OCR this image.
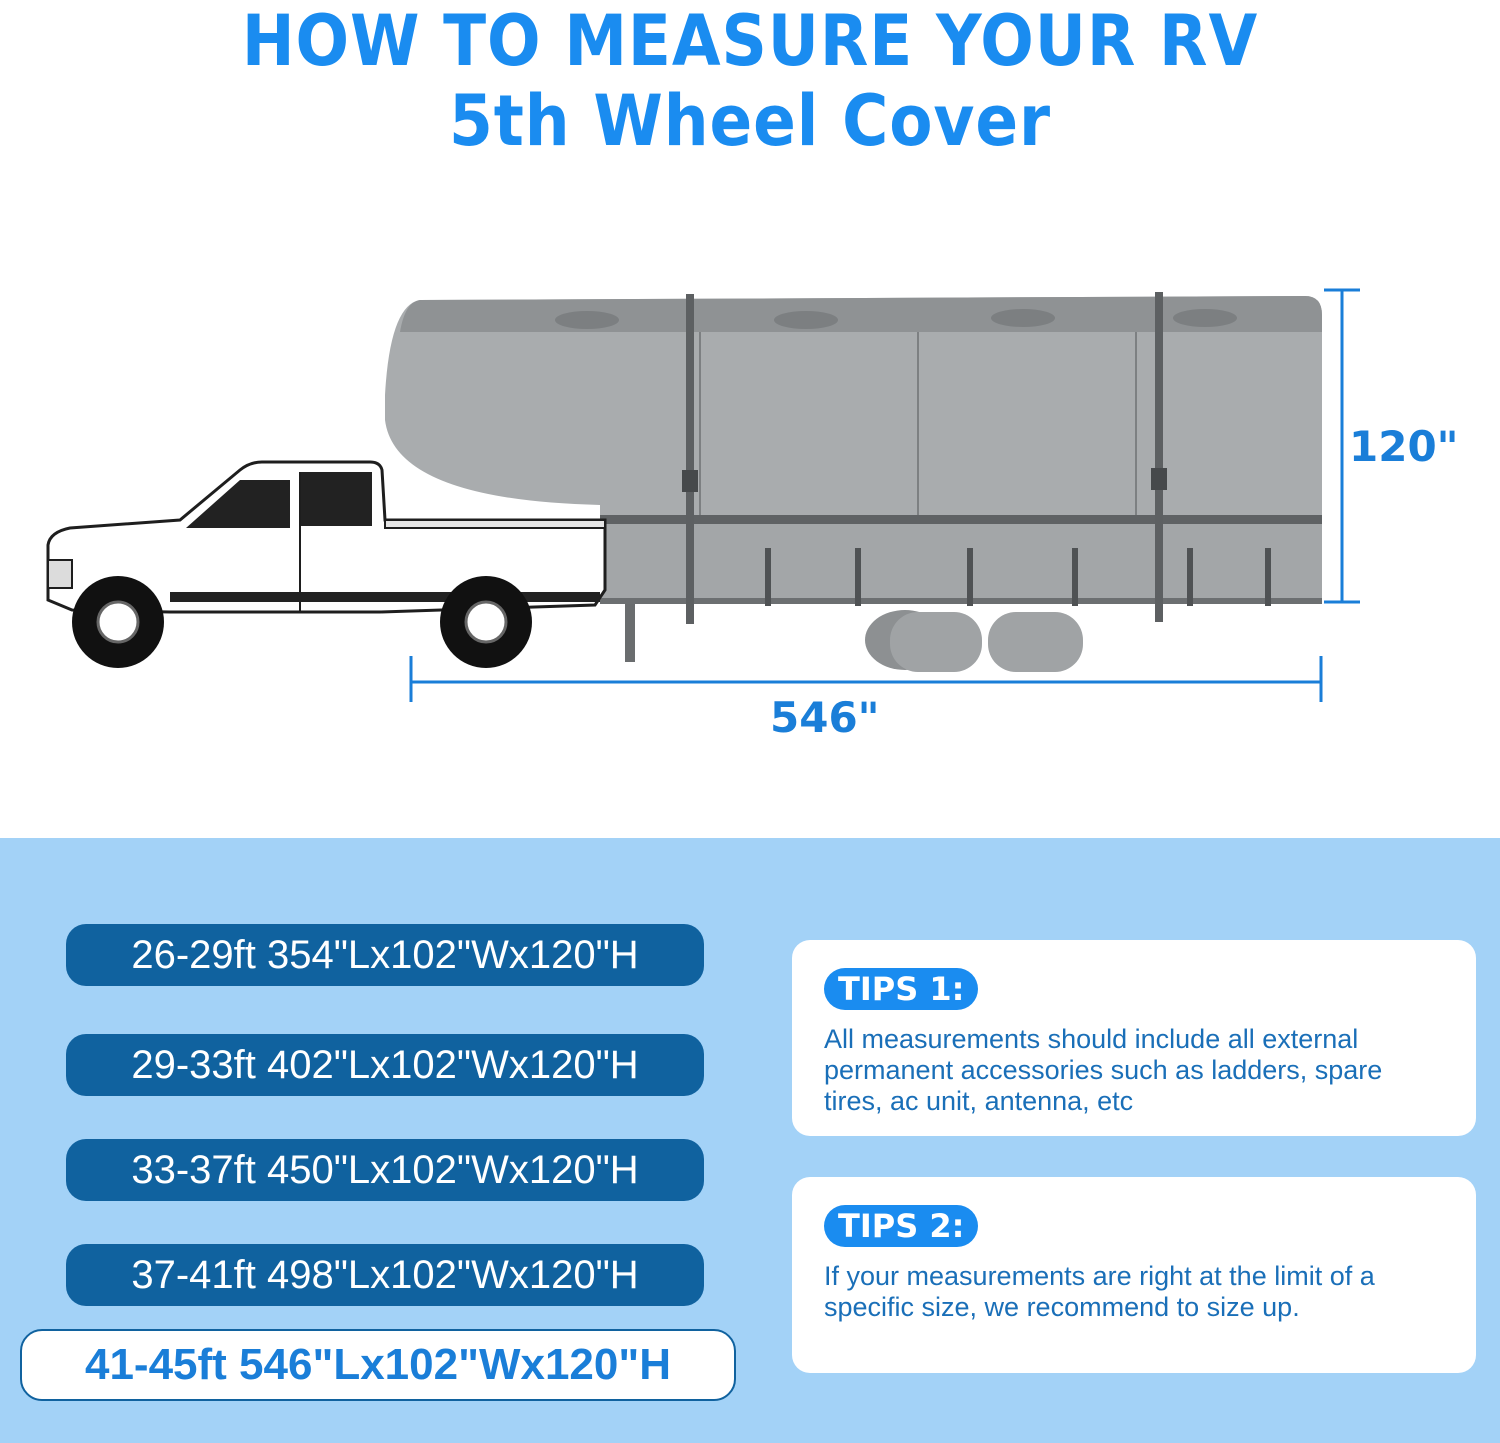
HOW TO MEASURE YOUR RV
5th Wheel Cover
120"
546"
26-29ft 354"Lx102"Wx120"H
29-33ft 402"Lx102"Wx120"H
33-37ft 450"Lx102"Wx120"H
37-41ft 498"Lx102"Wx120"H
41-45ft 546"Lx102"Wx120"H
TIPS 1:

All measurements should include all external permanent accessories such as ladders, spare tires, ac unit, antenna, etc

TIPS 2:

If your measurements are right at the limit of a specific size, we recommend to size up.
